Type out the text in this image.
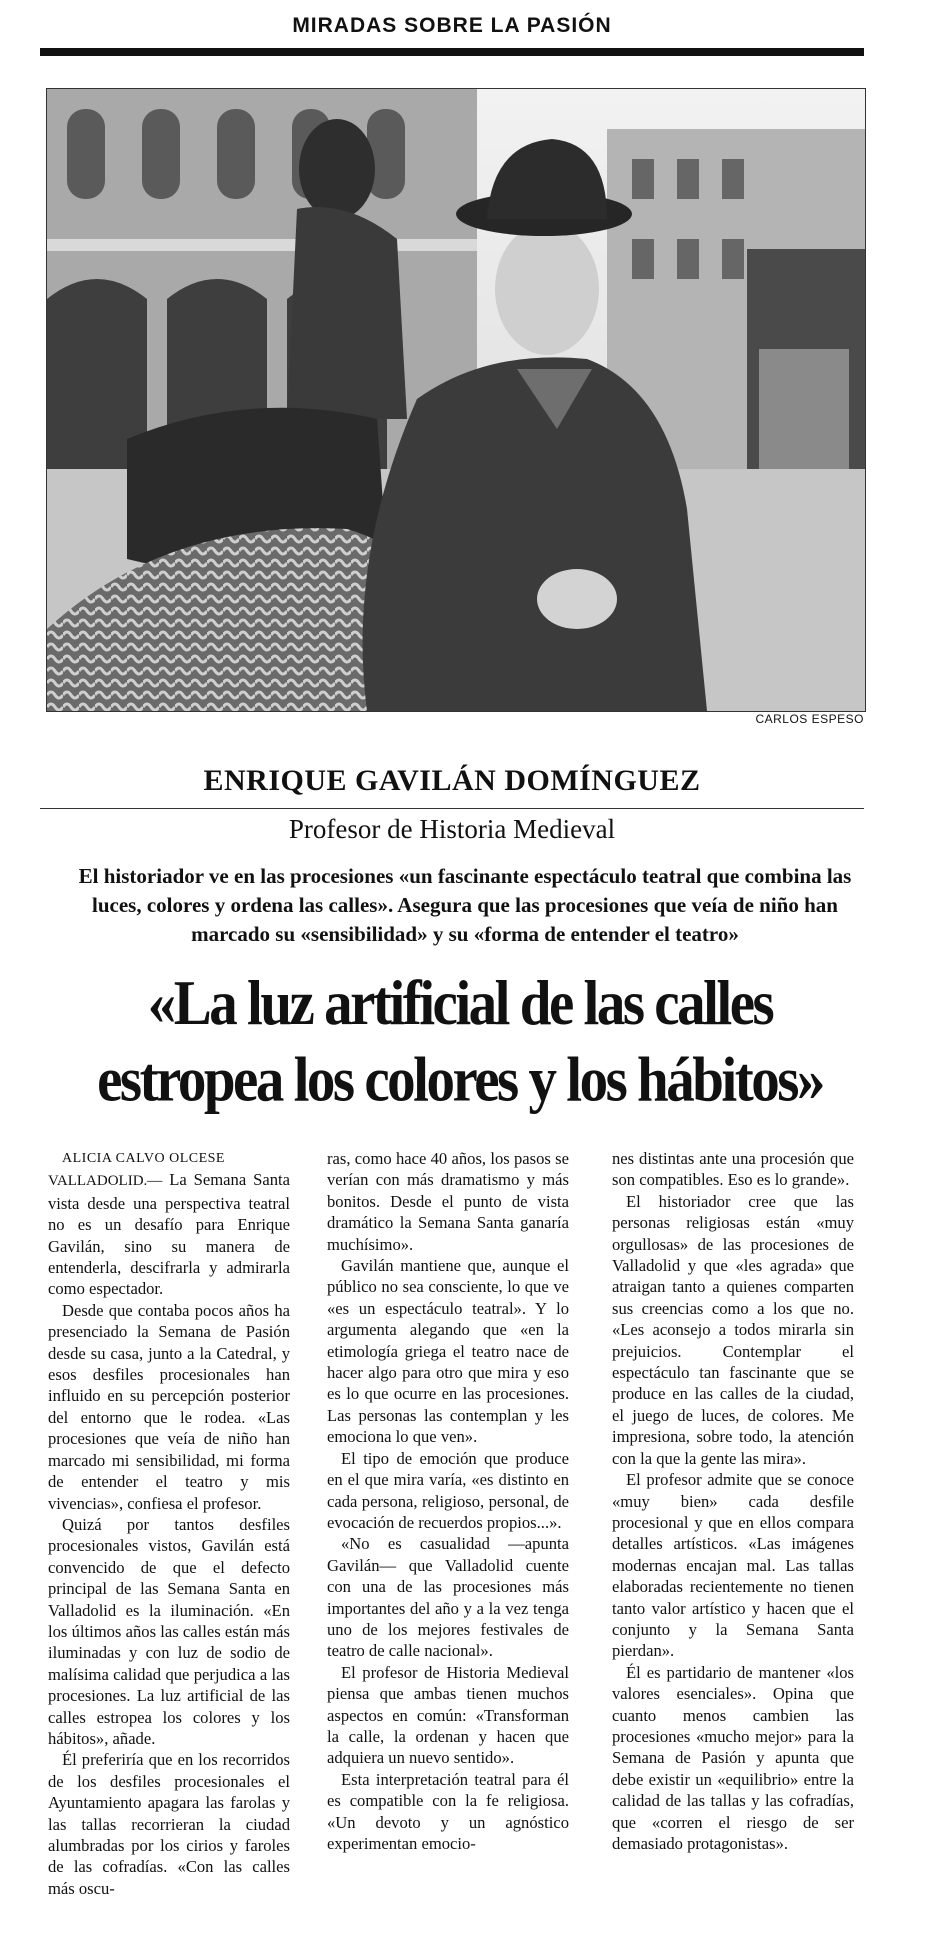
MIRADAS SOBRE LA PASIÓN
CARLOS ESPESO
ENRIQUE GAVILÁN DOMÍNGUEZ
Profesor de Historia Medieval
El historiador ve en las procesiones «un fascinante espectáculo teatral que combina las luces, colores y ordena las calles». Asegura que las procesiones que veía de niño han marcado su «sensibilidad» y su «forma de entender el teatro»
«La luz artificial de las calles
estropea los colores y los hábitos»

ALICIA CALVO OLCESE

VALLADOLID.— La Semana Santa vista desde una perspectiva teatral no es un desafío para Enrique Gavilán, sino su manera de entenderla, descifrarla y admirarla como espectador.

Desde que contaba pocos años ha presenciado la Semana de Pasión desde su casa, junto a la Catedral, y esos desfiles procesionales han influido en su percepción posterior del entorno que le rodea. «Las procesiones que veía de niño han marcado mi sensibilidad, mi forma de entender el teatro y mis vivencias», confiesa el profesor.

Quizá por tantos desfiles procesionales vistos, Gavilán está convencido de que el defecto principal de las Semana Santa en Valladolid es la iluminación. «En los últimos años las calles están más iluminadas y con luz de sodio de malísima calidad que perjudica a las procesiones. La luz artificial de las calles estropea los colores y los hábitos», añade.

Él preferiría que en los recorridos de los desfiles procesionales el Ayuntamiento apagara las farolas y las tallas recorrieran la ciudad alumbradas por los cirios y faroles de las cofradías. «Con las calles más oscu-

ras, como hace 40 años, los pasos se verían con más dramatismo y más bonitos. Desde el punto de vista dramático la Semana Santa ganaría muchísimo».

Gavilán mantiene que, aunque el público no sea consciente, lo que ve «es un espectáculo teatral». Y lo argumenta alegando que «en la etimología griega el teatro nace de hacer algo para otro que mira y eso es lo que ocurre en las procesiones. Las personas las contemplan y les emociona lo que ven».

El tipo de emoción que produce en el que mira varía, «es distinto en cada persona, religioso, personal, de evocación de recuerdos propios...».

«No es casualidad —apunta Gavilán— que Valladolid cuente con una de las procesiones más importantes del año y a la vez tenga uno de los mejores festivales de teatro de calle nacional».

El profesor de Historia Medieval piensa que ambas tienen muchos aspectos en común: «Transforman la calle, la ordenan y hacen que adquiera un nuevo sentido».

Esta interpretación teatral para él es compatible con la fe religiosa. «Un devoto y un agnóstico experimentan emocio-

nes distintas ante una procesión que son compatibles. Eso es lo grande».

El historiador cree que las personas religiosas están «muy orgullosas» de las procesiones de Valladolid y que «les agrada» que atraigan tanto a quienes comparten sus creencias como a los que no. «Les aconsejo a todos mirarla sin prejuicios. Contemplar el espectáculo tan fascinante que se produce en las calles de la ciudad, el juego de luces, de colores. Me impresiona, sobre todo, la atención con la que la gente las mira».

El profesor admite que se conoce «muy bien» cada desfile procesional y que en ellos compara detalles artísticos. «Las imágenes modernas encajan mal. Las tallas elaboradas recientemente no tienen tanto valor artístico y hacen que el conjunto y la Semana Santa pierdan».

Él es partidario de mantener «los valores esenciales». Opina que cuanto menos cambien las procesiones «mucho mejor» para la Semana de Pasión y apunta que debe existir un «equilibrio» entre la calidad de las tallas y las cofradías, que «corren el riesgo de ser demasiado protagonistas».
